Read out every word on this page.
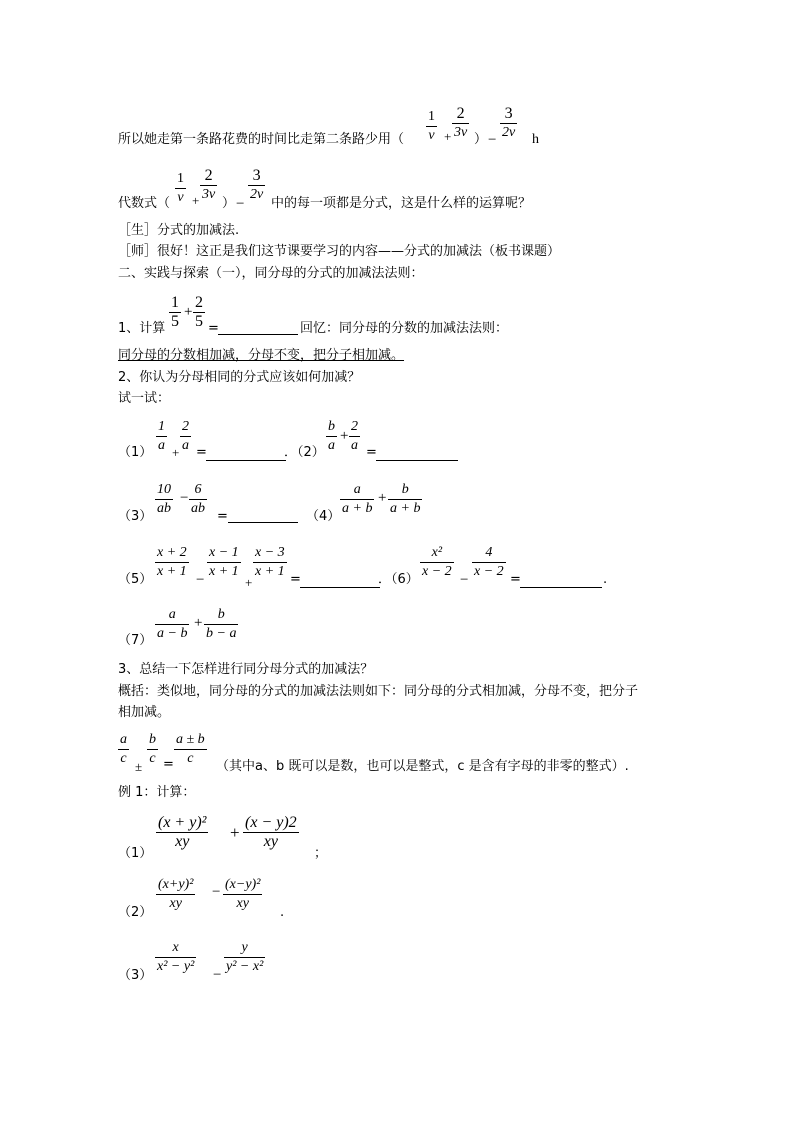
$\frac{1}{v} + \frac{2}{3v}$
所以她走第一条路花费的时间比走第二条路少用（	） − $\frac{3}{2v}$ h
代数式（ $\frac{1}{v} + \frac{2}{3v}$ ） − $\frac{3}{2v}$ 中的每一项都是分式，这是什么样的运算呢？
［生］分式的加减法.
［师］很好！这正是我们这节课要学习的内容——分式的加减法（板书课题）
二、实践与探索（一），同分母的分式的加减法法则：
1、计算 $\frac{1}{5} + \frac{2}{5}$ =	回忆：同分母的分数的加减法法则：
同分母的分数相加减，分母不变，把分子相加减。
2、你认为分母相同的分式应该如何加减？
试一试：
$(1) \frac{1}{a} + \frac{2}{a}$ =	．$(2) \frac{b}{a} + \frac{2}{a}$ =
$(3) \frac{10}{ab} - \frac{6}{ab}$ =	$(4) \frac{a}{a + b} + \frac{b}{a + b}$
$(5) \frac{x + 2}{x + 1} - \frac{x - 1}{x + 1}$
+
$\frac{x - 3}{x + 1}$ =	．$(6) \frac{\text{x²}}{x - 2} - \frac{4}{x - 2}$ =	.
$(7) \frac{a}{a - b} + \frac{b}{b - a}$
3、总结一下怎样进行同分母分式的加减法？
概括：类似地，同分母的分式的加减法法则如下：同分母的分式相加减，分母不变，把分子
相加减。
$\frac{a}{c} \pm \frac{b}{c} = \frac{a \pm b}{c}$ （其中a、b 既可以是数，也可以是整式，c 是含有字母的非零的整式）.
例 1：计算：
（1）
$\frac{\text{(x + y)²}}{xy} + \frac{(x - y)2}{xy}$
；
$(2) \frac{\text{(x+y)²}}{xy} - \frac{\text{(x−y)²}}{xy}$ .
$(3) \frac{x}{\text{x² − y²}} - \frac{y}{\text{y² − x²}}$
